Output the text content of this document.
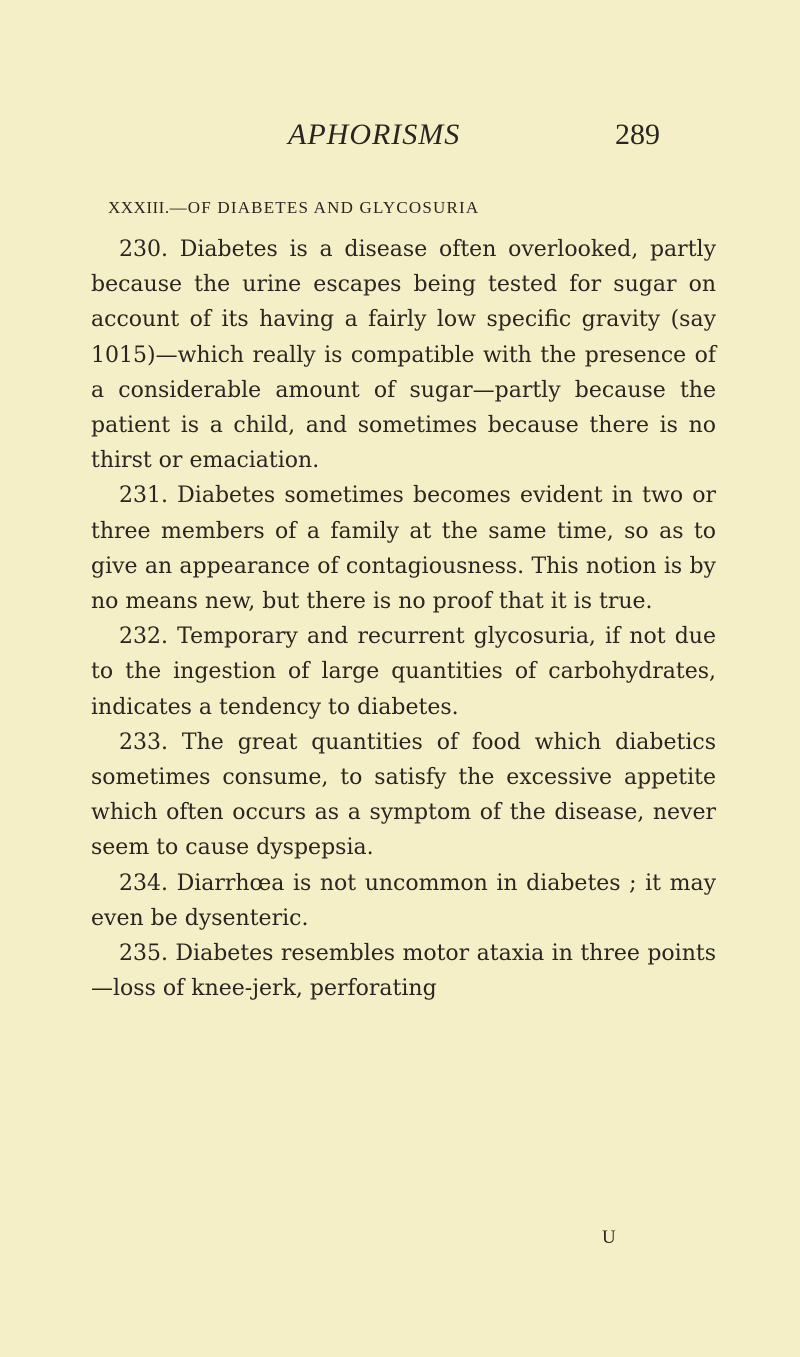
APHORISMS	289
XXXIII.—OF DIABETES AND GLYCOSURIA

230. Diabetes is a disease often overlooked, partly because the urine escapes being tested for sugar on account of its having a fairly low specific gravity (say 1015)—which really is compatible with the presence of a considerable amount of sugar—partly because the patient is a child, and sometimes because there is no thirst or emaciation.

231. Diabetes sometimes becomes evident in two or three members of a family at the same time, so as to give an appearance of contagiousness. This notion is by no means new, but there is no proof that it is true.

232. Temporary and recurrent glycosuria, if not due to the ingestion of large quantities of carbohydrates, indicates a tendency to diabetes.

233. The great quantities of food which diabetics sometimes consume, to satisfy the excessive appetite which often occurs as a symptom of the disease, never seem to cause dyspepsia.

234. Diarrhœa is not uncommon in diabetes ; it may even be dysenteric.

235. Diabetes resembles motor ataxia in three points—loss of knee-jerk, perforating

U
